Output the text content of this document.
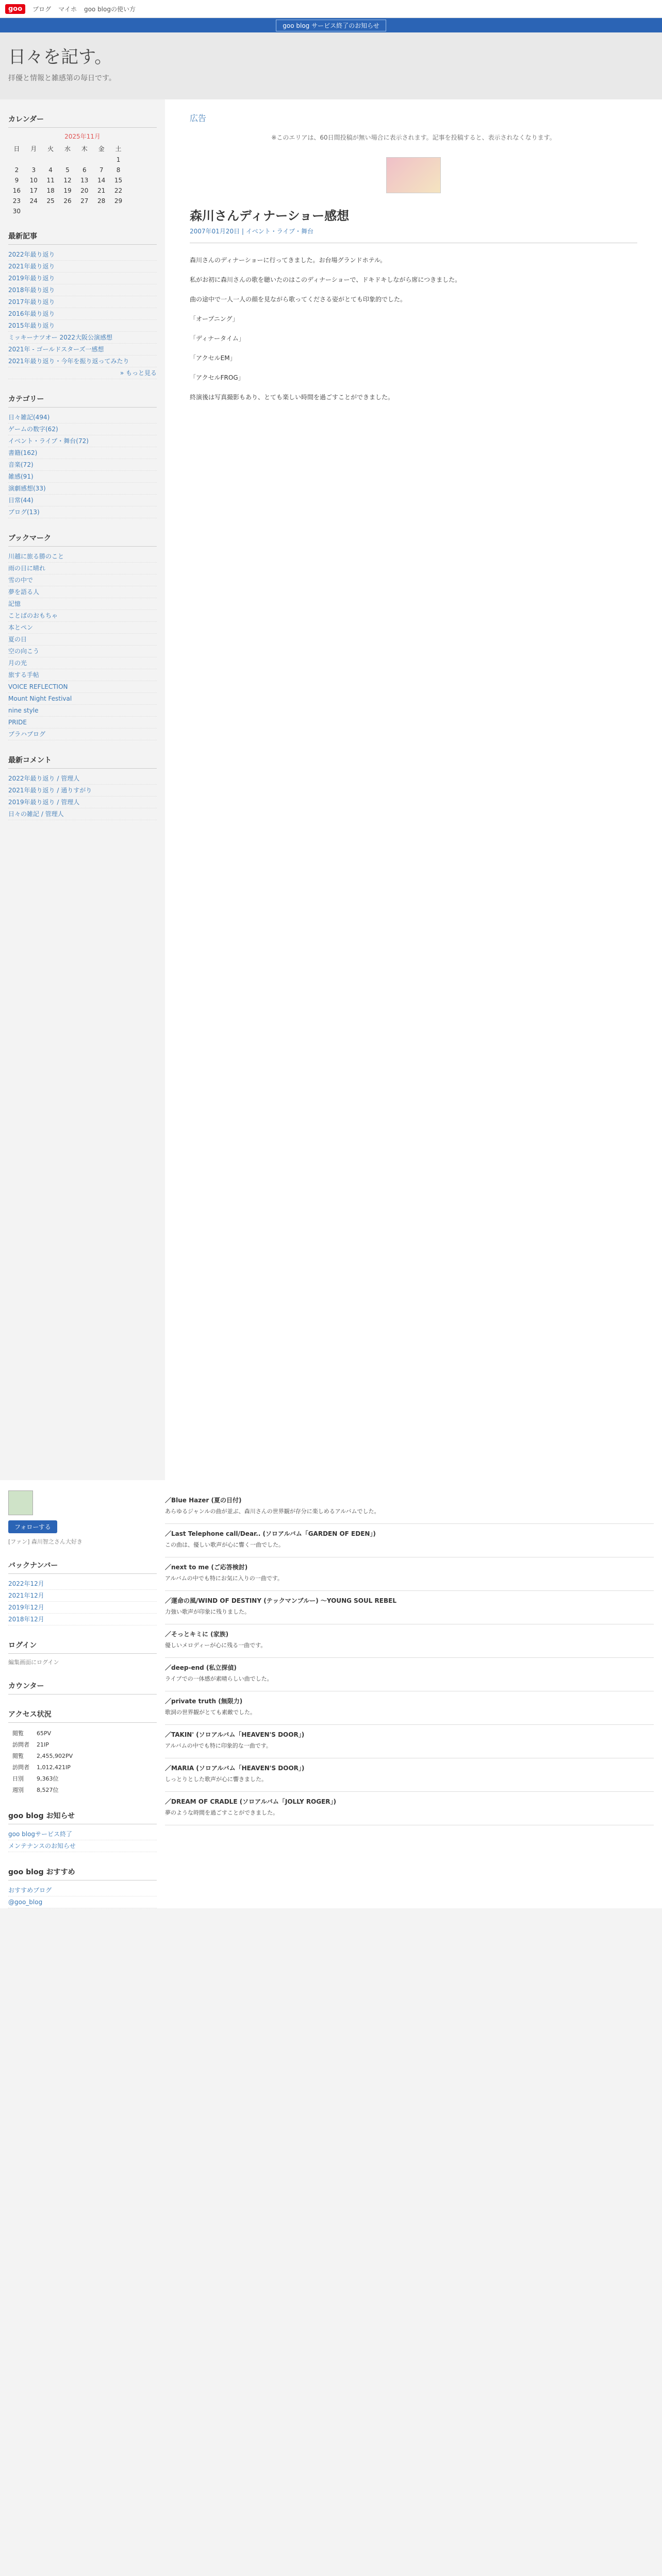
goo	ブログ マイホ goo blogの使い方
goo blog サービス終了のお知らせ
日々を記す。
拝優と情報と雑感第の毎日です。
カレンダー
2025年11月
日	月	火	水	木	金	土
						1
2	3	4	5	6	7	8
9	10	11	12	13	14	15
16	17	18	19	20	21	22
23	24	25	26	27	28	29
30						
最新記事
2022年最り返り
2021年最り返り
2019年最り返り
2018年最り返り
2017年最り返り
2016年最り返り
2015年最り返り
ミッキーナツオー 2022大阪公演感想
2021年 - ゴールドスターズ一感想
2021年最り返り・今年を振り返ってみたり
» もっと見る
カテゴリー
日々雑記(494)
ゲームの数字(62)
イベント・ライブ・舞台(72)
書籍(162)
音楽(72)
雑感(91)
演劇感想(33)
日常(44)
ブログ(13)
ブックマーク
川越に旅る勝のこと
雨の日に晴れ
雪の中で
夢を語る人
記憶
ことばのおもちゃ
本とペン
夏の日
空の向こう
月の光
旅する手帖
VOICE REFLECTION
Mount Night Festival
nine style
PRIDE
ブラハブログ
最新コメント
2022年最り返り / 管理人
2021年最り返り / 通りすがり
2019年最り返り / 管理人
日々の雑記 / 管理人
広告
※このエリアは、60日間投稿が無い場合に表示されます。記事を投稿すると、表示されなくなります。
森川さんディナーショー感想
2007年01月20日 | イベント・ライブ・舞台

森川さんのディナーショーに行ってきました。お台場グランドホテル。

私がお初に森川さんの歌を聴いたのはこのディナーショーで、ドキドキしながら席につきました。

曲の途中で一人一人の顔を見ながら歌ってくださる姿がとても印象的でした。

「オープニング」

「ディナータイム」

「アクセルEM」

「アクセルFROG」

終演後は写真撮影もあり、とても楽しい時間を過ごすことができました。

フォローする
[ファン] 森川智之さん大好き
バックナンバー
2022年12月
2021年12月
2019年12月
2018年12月
ログイン
編集画面にログイン
カウンター
アクセス状況
閲覧	65PV
訪問者	21IP
閲覧	2,455,902PV
訪問者	1,012,421IP
日別	9,363位
週別	8,527位
goo blog お知らせ
goo blogサービス終了
メンテナンスのお知らせ
goo blog おすすめ
おすすめブログ
@goo_blog
／Blue Hazer (夏の日付)
あらゆるジャンルの曲が並ぶ、森川さんの世界観が存分に楽しめるアルバムでした。
／Last Telephone call/Dear.. (ソロアルバム「GARDEN OF EDEN」)
この曲は、優しい歌声が心に響く一曲でした。
／next to me (ご応答検討)
アルバムの中でも特にお気に入りの一曲です。
／運命の風/WIND OF DESTINY (テックマンブルー) 〜YOUNG SOUL REBEL
力強い歌声が印象に残りました。
／そっとキミに (家族)
優しいメロディーが心に残る一曲です。
／deep-end (私立探偵)
ライブでの一体感が素晴らしい曲でした。
／private truth (無限力)
歌詞の世界観がとても素敵でした。
／TAKIN' (ソロアルバム「HEAVEN'S DOOR」)
アルバムの中でも特に印象的な一曲です。
／MARIA (ソロアルバム「HEAVEN'S DOOR」)
しっとりとした歌声が心に響きました。
／DREAM OF CRADLE (ソロアルバム「JOLLY ROGER」)
夢のような時間を過ごすことができました。
